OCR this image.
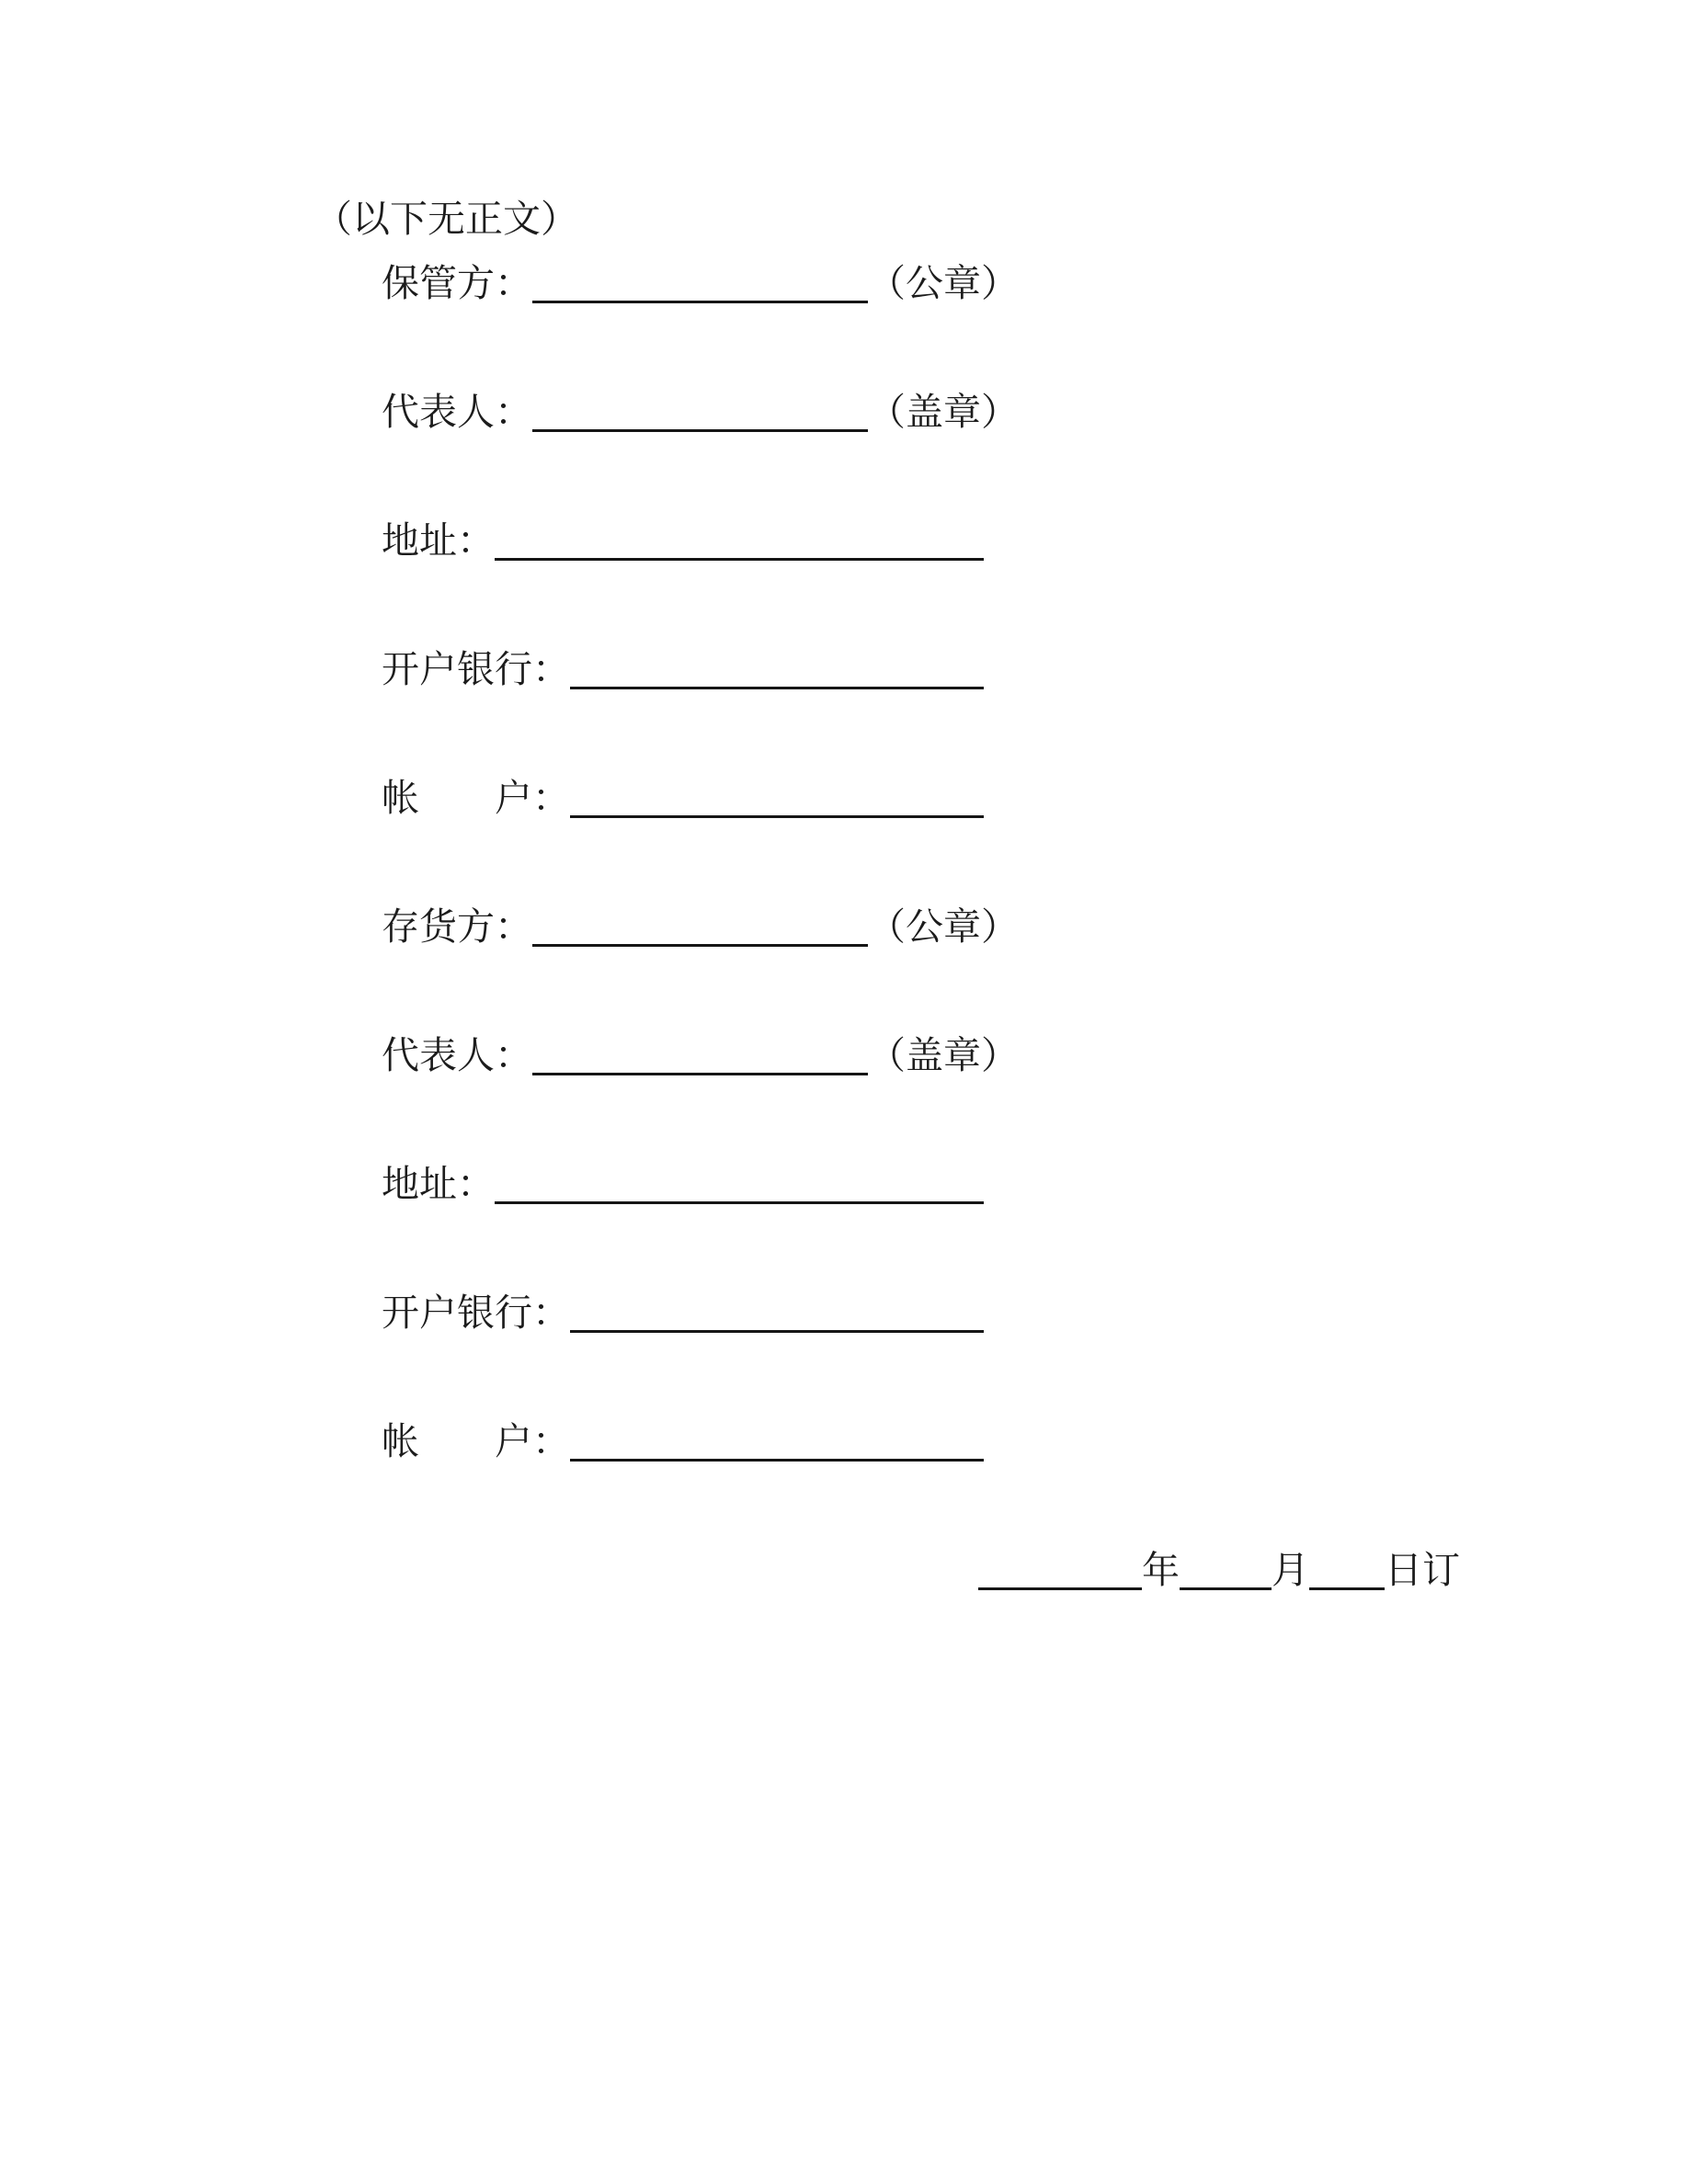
（以下无正文）
保管方：	（公章）
代表人：	（盖章）
地址：
开户银行：
帐　　户：
存货方：	（公章）
代表人：	（盖章）
地址：
开户银行：
帐　　户：
年 月 日订
